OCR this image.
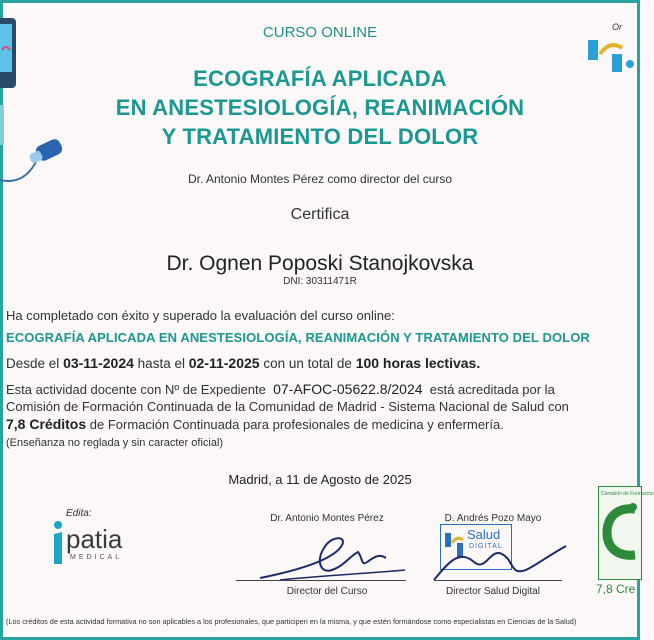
Or
CURSO ONLINE
ECOGRAFÍA APLICADA
EN ANESTESIOLOGÍA, REANIMACIÓN
Y TRATAMIENTO DEL DOLOR
Dr. Antonio Montes Pérez como director del curso
Certifica
Dr. Ognen Poposki Stanojkovska
DNI: 30311471R
Ha completado con éxito y superado la evaluación del curso online:
ECOGRAFÍA APLICADA EN ANESTESIOLOGÍA, REANIMACIÓN Y TRATAMIENTO DEL DOLOR
Desde el 03-11-2024 hasta el 02-11-2025 con un total de 100 horas lectivas.
Esta actividad docente con Nº de Expediente 07-AFOC-05622.8/2024 está acreditada por la
Comisión de Formación Continuada de la Comunidad de Madrid - Sistema Nacional de Salud con
7,8 Créditos de Formación Continuada para profesionales de medicina y enfermería.
(Enseñanza no reglada y sin caracter oficial)
Madrid, a 11 de Agosto de 2025
Edita:
patia
MEDICAL
Dr. Antonio Montes Pérez
Director del Curso
D. Andrés Pozo Mayo
Salud
DIGITAL
Director Salud Digital
Comisión de Formación
7,8 Cre
(Los créditos de esta actividad formativa no son aplicables a los profesionales, que participen en la misma, y que estén formándose como especialistas en Ciencias de la Salud)
